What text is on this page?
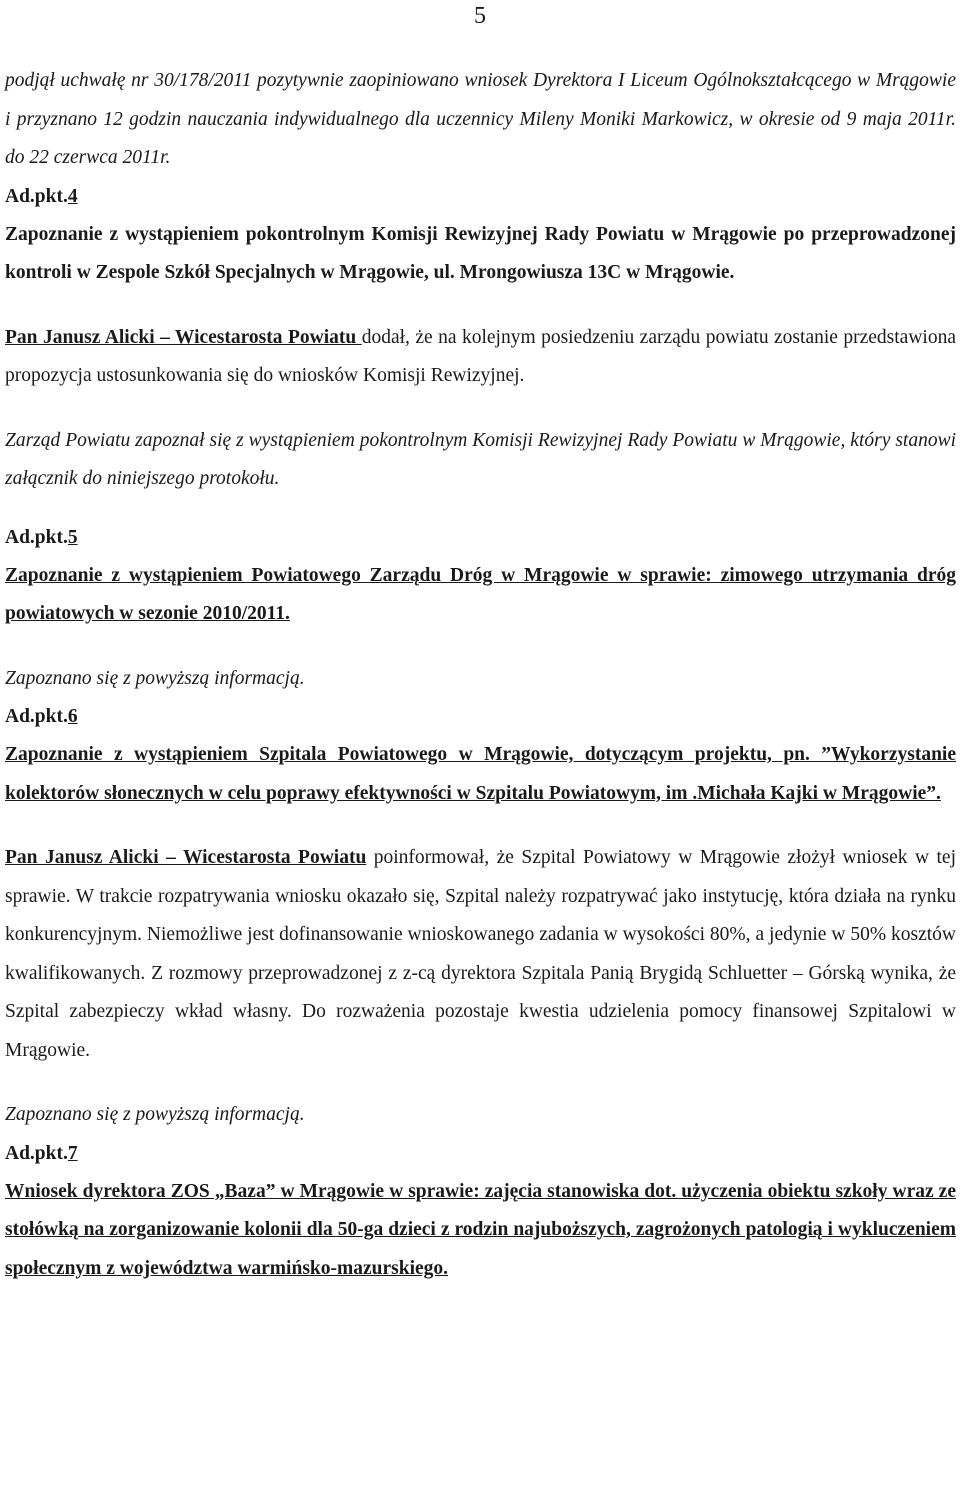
5

podjął uchwałę nr 30/178/2011 pozytywnie zaopiniowano wniosek Dyrektora I Liceum Ogólnokształcącego w Mrągowie i przyznano 12 godzin nauczania indywidualnego dla uczennicy Mileny Moniki Markowicz, w okresie od 9 maja 2011r. do 22 czerwca 2011r.

Ad.pkt.4

Zapoznanie z wystąpieniem pokontrolnym Komisji Rewizyjnej Rady Powiatu w Mrągowie po przeprowadzonej kontroli w Zespole Szkół Specjalnych w Mrągowie, ul. Mrongowiusza 13C w Mrągowie.

Pan Janusz Alicki – Wicestarosta Powiatu dodał, że na kolejnym posiedzeniu zarządu powiatu zostanie przedstawiona propozycja ustosunkowania się do wniosków Komisji Rewizyjnej.

Zarząd Powiatu zapoznał się z wystąpieniem pokontrolnym Komisji Rewizyjnej Rady Powiatu w Mrągowie, który stanowi załącznik do niniejszego protokołu.

Ad.pkt.5

Zapoznanie z wystąpieniem Powiatowego Zarządu Dróg w Mrągowie w sprawie: zimowego utrzymania dróg powiatowych w sezonie 2010/2011.

Zapoznano się z powyższą informacją.

Ad.pkt.6

Zapoznanie z wystąpieniem Szpitala Powiatowego w Mrągowie, dotyczącym projektu, pn. ”Wykorzystanie kolektorów słonecznych w celu poprawy efektywności w Szpitalu Powiatowym, im .Michała Kajki w Mrągowie”.

Pan Janusz Alicki – Wicestarosta Powiatu poinformował, że Szpital Powiatowy w Mrągowie złożył wniosek w tej sprawie. W trakcie rozpatrywania wniosku okazało się, Szpital należy rozpatrywać jako instytucję, która działa na rynku konkurencyjnym. Niemożliwe jest dofinansowanie wnioskowanego zadania w wysokości 80%, a jedynie w 50% kosztów kwalifikowanych. Z rozmowy przeprowadzonej z z-cą dyrektora Szpitala Panią Brygidą Schluetter – Górską wynika, że Szpital zabezpieczy wkład własny. Do rozważenia pozostaje kwestia udzielenia pomocy finansowej Szpitalowi w Mrągowie.

Zapoznano się z powyższą informacją.

Ad.pkt.7

Wniosek dyrektora ZOS „Baza” w Mrągowie w sprawie: zajęcia stanowiska dot. użyczenia obiektu szkoły wraz ze stołówką na zorganizowanie kolonii dla 50-ga dzieci z rodzin najuboższych, zagrożonych patologią i wykluczeniem społecznym z województwa warmińsko-mazurskiego.
